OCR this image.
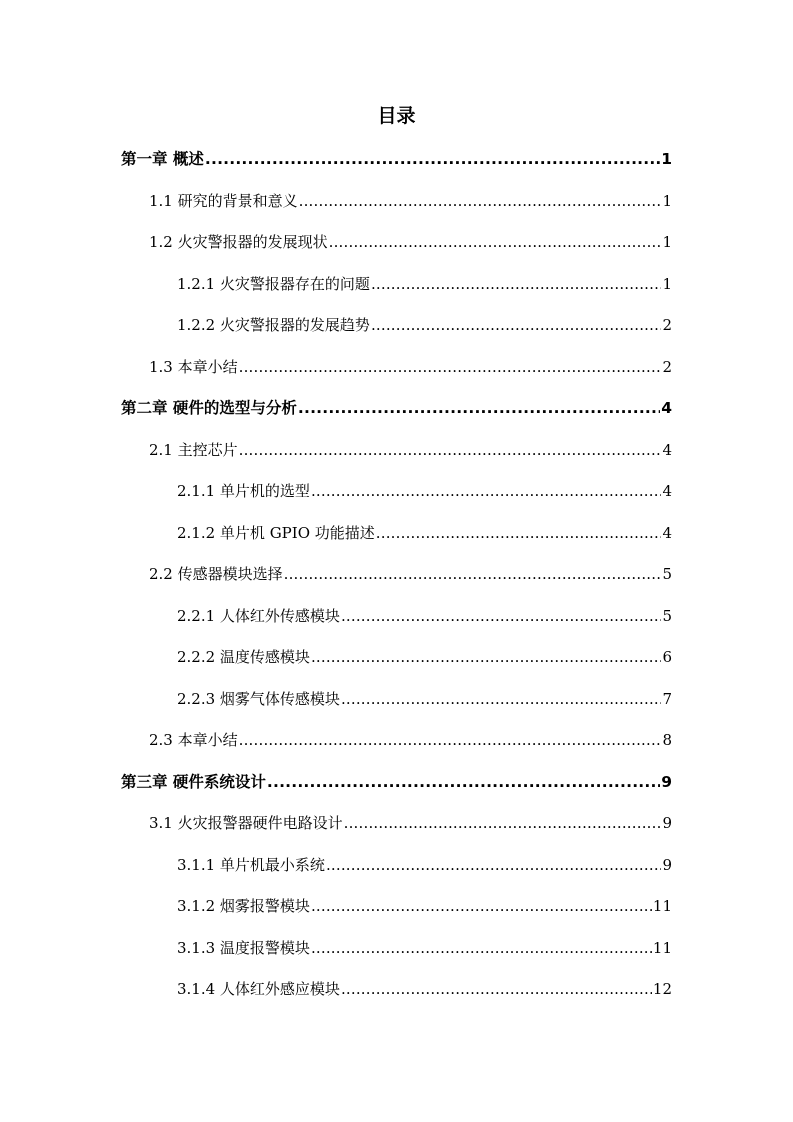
目录
第一章 概述 .....	1
1.1 研究的背景和意义 .....	1
1.2 火灾警报器的发展现状 .....	1
1.2.1 火灾警报器存在的问题 .....	1
1.2.2 火灾警报器的发展趋势 .....	2
1.3 本章小结 .....	2
第二章 硬件的选型与分析 .....	4
2.1 主控芯片 .....	4
2.1.1 单片机的选型 .....	4
2.1.2 单片机 GPIO 功能描述 .....	4
2.2 传感器模块选择 .....	5
2.2.1 人体红外传感模块 .....	5
2.2.2 温度传感模块 .....	6
2.2.3 烟雾气体传感模块 .....	7
2.3 本章小结 .....	8
第三章 硬件系统设计 .....	9
3.1 火灾报警器硬件电路设计 .....	9
3.1.1 单片机最小系统 .....	9
3.1.2 烟雾报警模块 .....	11
3.1.3 温度报警模块 .....	11
3.1.4 人体红外感应模块 .....	12
